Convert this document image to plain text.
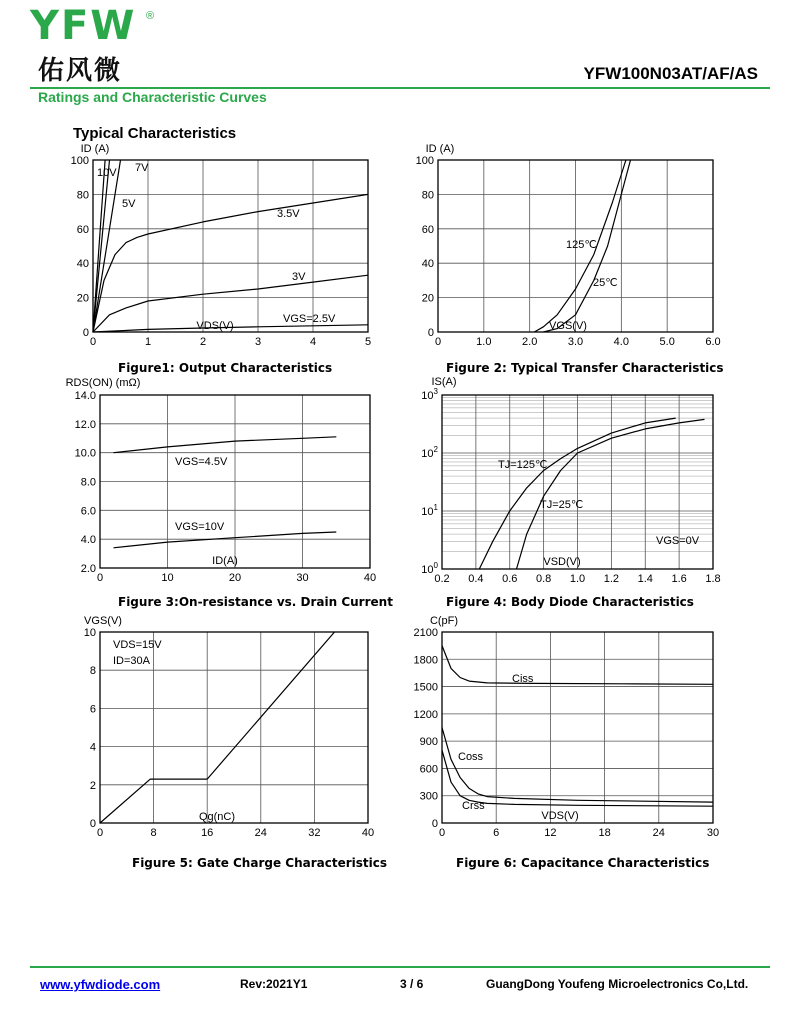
YFW ®
佑风微	YFW100N03AT/AF/AS
Ratings and Characteristic Curves
Typical Characteristics
0	1	2	3	4	5
0
20
40
60
80
100
ID (A)
VDS(V)
10V 7V
5V
3.5V
3V
VGS=2.5V
0	1.0	2.0	3.0	4.0	5.0	6.0
0
20
40
60
80
100
ID (A)
VGS(V)
125℃
25℃
0	10	20	30	40
2.0
4.0
6.0
8.0
10.0
12.0
14.0
RDS(ON) (mΩ)
ID(A)
VGS=4.5V
VGS=10V
0.2 0.4 0.6 0.8 1.0 1.2 1.4 1.6 1.8
$10^0$
$10^1$
$10^2$
$10^3$
IS(A)
VSD(V)
TJ=125℃
TJ=25℃
VGS=0V
0	8	16	24	32	40
0
2
4
6
8
10
VGS(V)
Qg(nC)
VDS=15V
ID=30A
0	6	12	18	24	30
0
300
600
900
1200
1500
1800
2100
C(pF)
VDS(V)
Ciss
Coss
Crss
Figure1: Output Characteristics	Figure 2: Typical Transfer Characteristics
Figure 3:On-resistance vs. Drain Current	Figure 4: Body Diode Characteristics
Figure 5: Gate Charge Characteristics	Figure 6: Capacitance Characteristics
www.yfwdiode.com	Rev:2021Y1	3 / 6	GuangDong Youfeng Microelectronics Co,Ltd.
